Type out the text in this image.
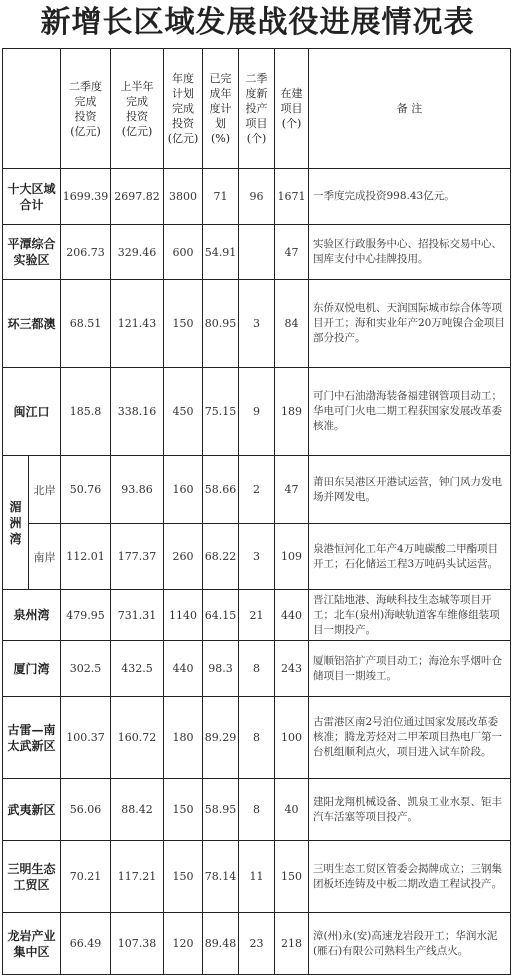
新增长区域发展战役进展情况表

		二季度
完成
投资
(亿元)	上半年
完成
投资
(亿元)	年度
计划
完成
投资
(亿元)	已完
成年
度计
划
(%)	二季
度新
投产
项目
(个)	在建
项目
(个)	备 注

十大区域
合计		1699.39	2697.82	3800	71	96	1671	一季度完成投资998.43亿元。

平潭综合
实验区		206.73	329.46	600	54.91		47	实验区行政服务中心、招投标交易中心、国库支付中心挂牌投用。

环三都澳		68.51	121.43	150	80.95	3	84	东侨双悦电机、天润国际城市综合体等项目开工；海和实业年产20万吨镍合金项目部分投产。

闽江口		185.8	338.16	450	75.15	9	189	可门中石油渤海装备福建钢管项目动工；华电可门火电二期工程获国家发展改革委核准。

湄
洲
湾	北岸	50.76	93.86	160	58.66	2	47	莆田东吴港区开港试运营，钟门风力发电场并网发电。
	南岸	112.01	177.37	260	68.22	3	109	泉港恒河化工年产4万吨碳酸二甲酯项目开工；石化储运工程3万吨码头试运营。

泉州湾		479.95	731.31	1140	64.15	21	440	晋江陆地港、海峡科技生态城等项目开工；北车(泉州)海峡轨道客车维修组装项目一期投产。

厦门湾		302.5	432.5	440	98.3	8	243	厦顺铝箔扩产项目动工；海沧东孚烟叶仓储项目一期竣工。

古雷—南
太武新区		100.37	160.72	180	89.29	8	100	古雷港区南2号泊位通过国家发展改革委核准；腾龙芳烃对二甲苯项目热电厂第一台机组顺利点火，项目进入试车阶段。

武夷新区		56.06	88.42	150	58.95	8	40	建阳龙翔机械设备、凯泉工业水泵、钜丰汽车活塞等项目投产。

三明生态
工贸区		70.21	117.21	150	78.14	11	150	三明生态工贸区管委会揭牌成立；三钢集团板坯连铸及中板二期改造工程试投产。

龙岩产业
集中区		66.49	107.38	120	89.48	23	218	漳(州)永(安)高速龙岩段开工；华润水泥(雁石)有限公司熟料生产线点火。
